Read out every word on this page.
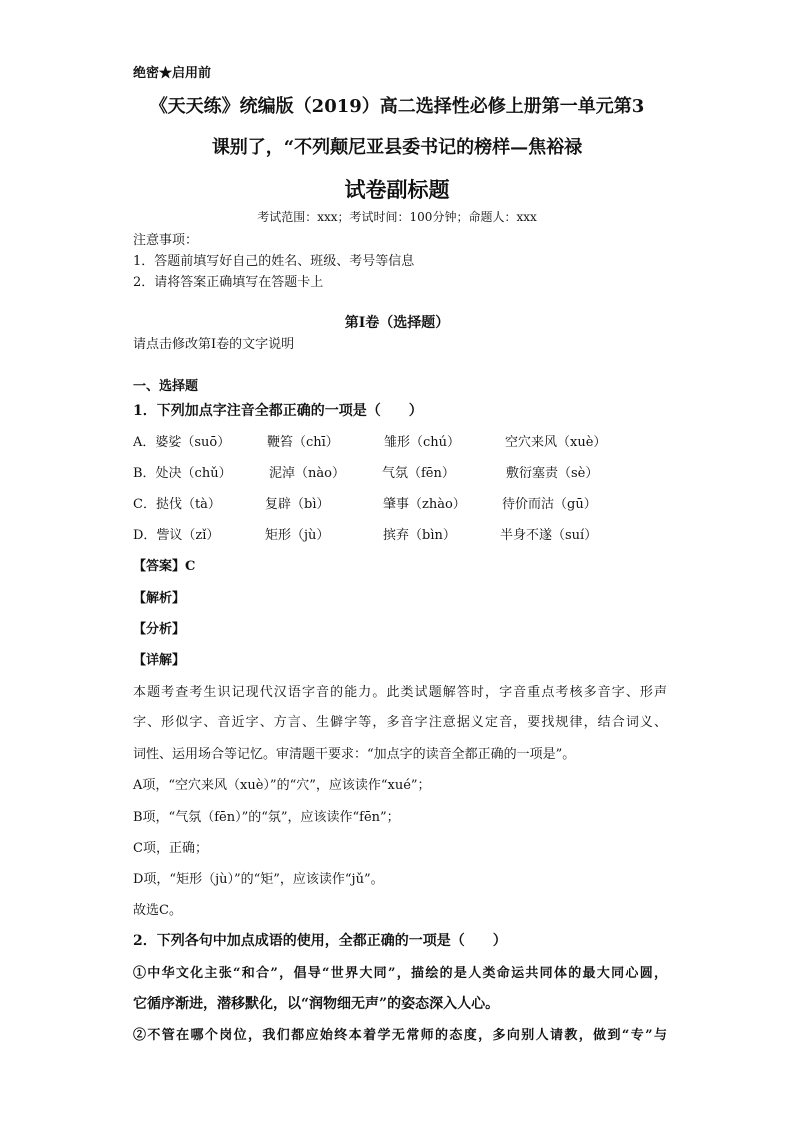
绝密★启用前
《天天练》统编版（2019）高二选择性必修上册第一单元第3
课别了，“不列颠尼亚县委书记的榜样—焦裕禄
试卷副标题
考试范围：xxx；考试时间：100分钟；命题人：xxx
注意事项：
1．答题前填写好自己的姓名、班级、考号等信息
2．请将答案正确填写在答题卡上
第I卷（选择题）
请点击修改第I卷的文字说明
一、选择题
1．下列加点字注音全都正确的一项是（　　）
A．婆娑（suō）	鞭笞（chī）	雏形（chú）	空穴来风（xuè）
B．处决（chǔ）	泥淖（nào）	气氛（fēn）	敷衍塞责（sè）
C．挞伐（tà）	复辟（bì）	肇事（zhào）	待价而沽（gū）
D．訾议（zǐ）	矩形（jù）	摈弃（bìn）	半身不遂（suí）
【答案】C
【解析】
【分析】
【详解】
本题考查考生识记现代汉语字音的能力。此类试题解答时，字音重点考核多音字、形声
字、形似字、音近字、方言、生僻字等，多音字注意据义定音，要找规律，结合词义、
词性、运用场合等记忆。审清题干要求：“加点字的读音全都正确的一项是”。
A项，“空穴来风（xuè）”的“穴”，应该读作“xué”；
B项，“气氛（fēn）”的“氛”，应该读作“fēn”；
C项，正确；
D项，“矩形（jù）”的“矩”，应该读作“jǔ”。
故选C。
2．下列各句中加点成语的使用，全都正确的一项是（　　）
①中华文化主张“和合”，倡导“世界大同”，描绘的是人类命运共同体的最大同心圆，
它循序渐进，潜移默化，以“润物细无声”的姿态深入人心。
②不管在哪个岗位，我们都应始终本着学无常师的态度，多向别人请教，做到“专”与
